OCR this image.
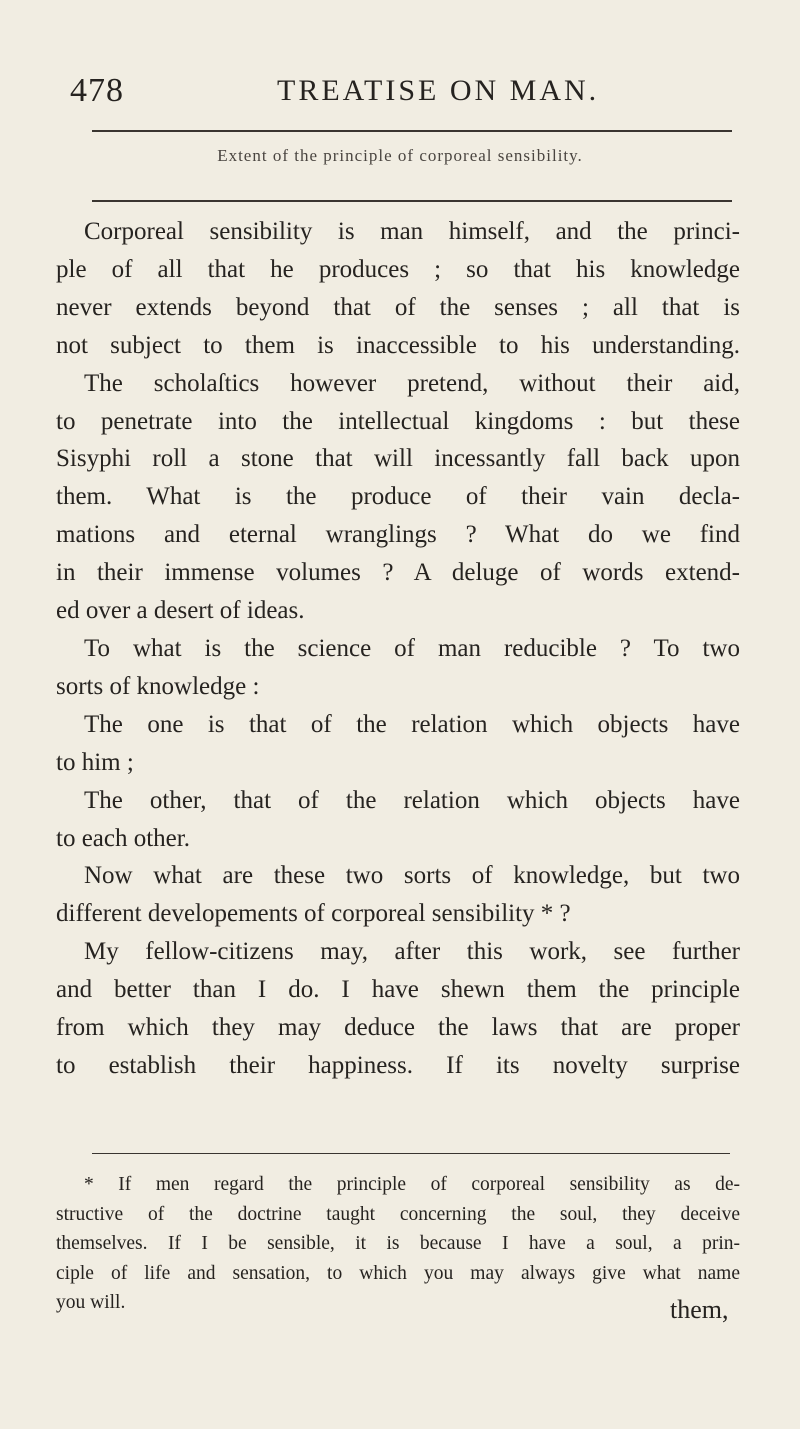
478	TREATISE ON MAN.
Extent of the principle of corporeal sensibility.
Corporeal sensibility is man himself, and the princi-
ple of all that he produces ; so that his knowledge
never extends beyond that of the senses ; all that is
not subject to them is inaccessible to his understanding.
The scholaſtics however pretend, without their aid,
to penetrate into the intellectual kingdoms : but these
Sisyphi roll a stone that will incessantly fall back upon
them. What is the produce of their vain decla-
mations and eternal wranglings ? What do we find
in their immense volumes ? A deluge of words extend-
ed over a desert of ideas.
To what is the science of man reducible ? To two
sorts of knowledge :
The one is that of the relation which objects have
to him ;
The other, that of the relation which objects have
to each other.
Now what are these two sorts of knowledge, but two
different developements of corporeal sensibility * ?
My fellow-citizens may, after this work, see further
and better than I do. I have shewn them the principle
from which they may deduce the laws that are proper
to establish their happiness. If its novelty surprise
* If men regard the principle of corporeal sensibility as de-
structive of the doctrine taught concerning the soul, they deceive
themselves. If I be sensible, it is because I have a soul, a prin-
ciple of life and sensation, to which you may always give what name
you will.	them,
